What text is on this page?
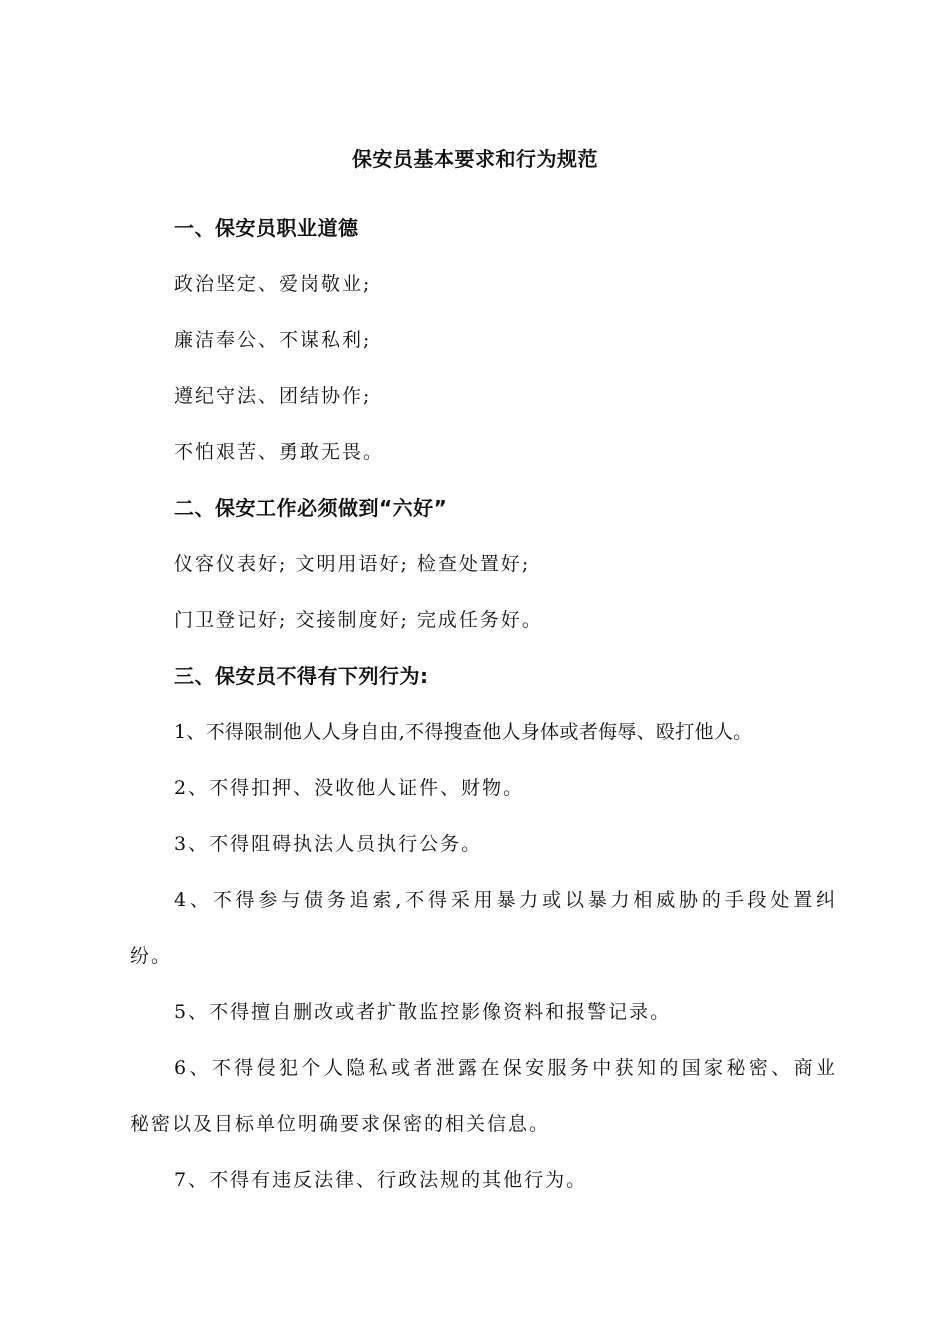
保安员基本要求和行为规范
一、保安员职业道德
政治坚定、爱岗敬业;
廉洁奉公、不谋私利;
遵纪守法、团结协作;
不怕艰苦、勇敢无畏。
二、保安工作必须做到“六好”
仪容仪表好; 文明用语好; 检查处置好;
门卫登记好; 交接制度好; 完成任务好。
三、保安员不得有下列行为:
1、不得限制他人人身自由,不得搜查他人身体或者侮辱、殴打他人。
2、不得扣押、没收他人证件、财物。
3、不得阻碍执法人员执行公务。
4、不得参与债务追索,不得采用暴力或以暴力相威胁的手段处置纠
纷。
5、不得擅自删改或者扩散监控影像资料和报警记录。
6、不得侵犯个人隐私或者泄露在保安服务中获知的国家秘密、商业
秘密以及目标单位明确要求保密的相关信息。
7、不得有违反法律、行政法规的其他行为。
